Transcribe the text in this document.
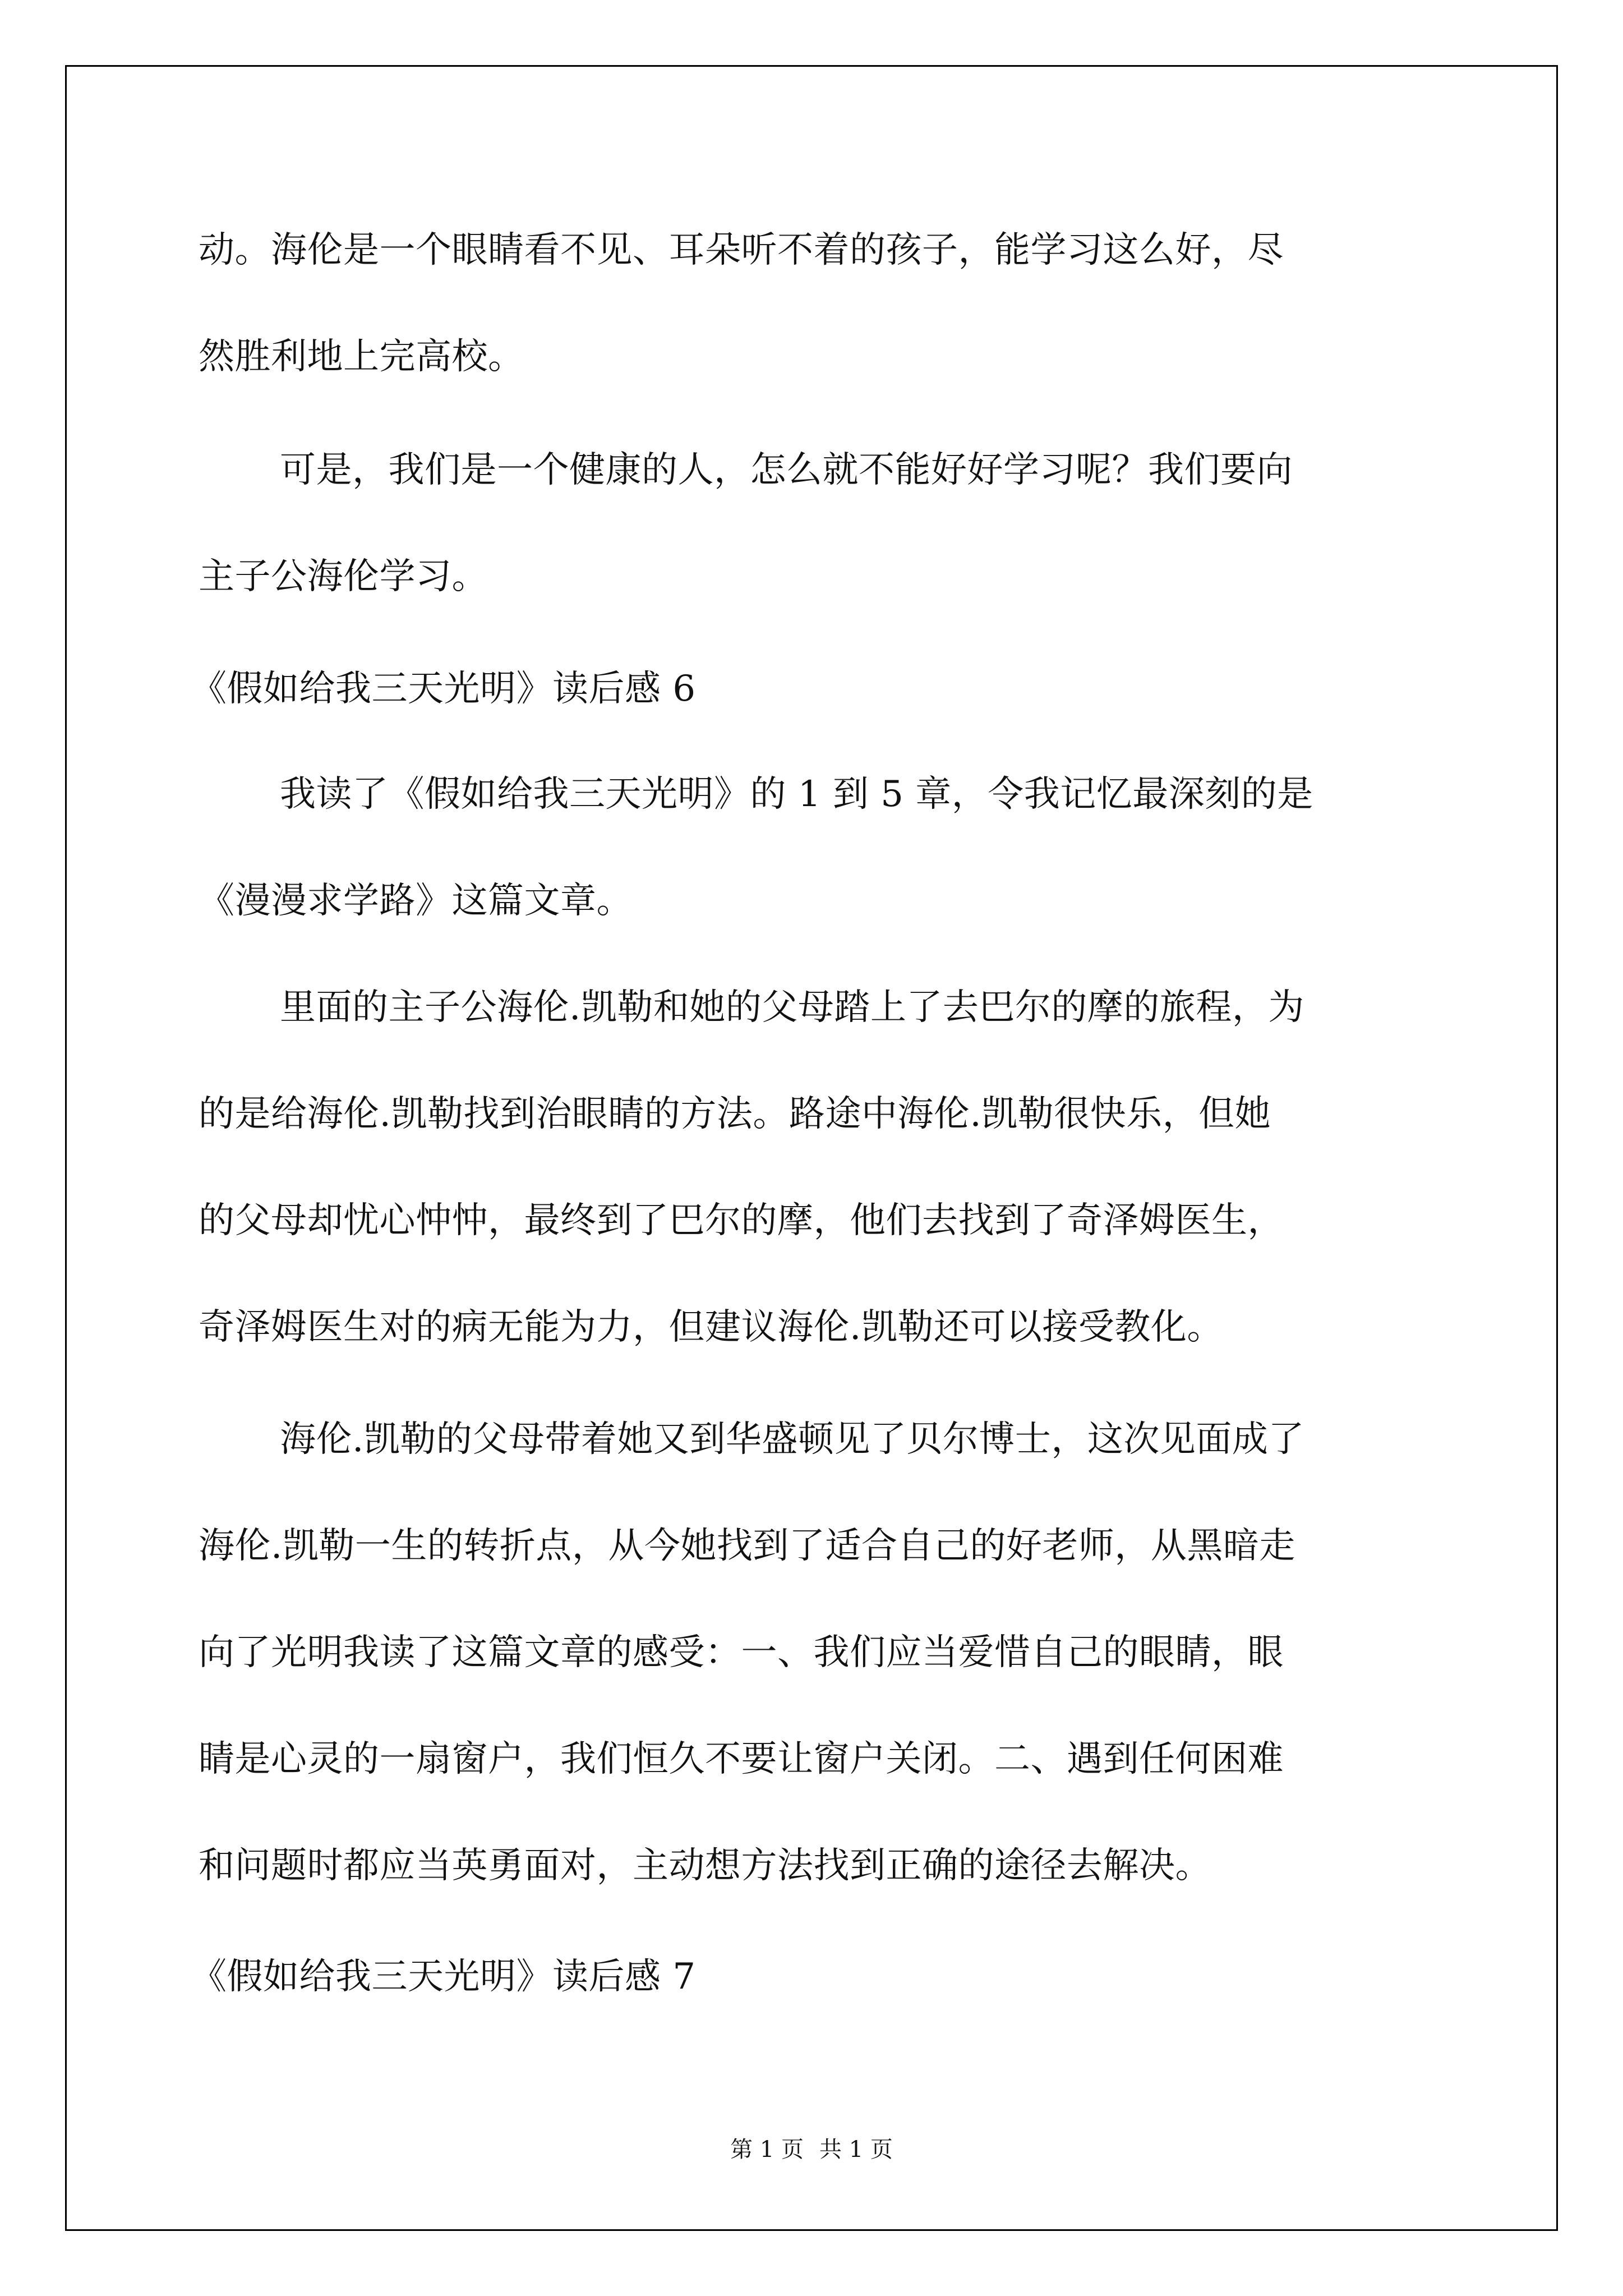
动。海伦是一个眼睛看不见、耳朵听不着的孩子，能学习这么好，尽
然胜利地上完高校。
可是，我们是一个健康的人，怎么就不能好好学习呢？我们要向
主子公海伦学习。
《假如给我三天光明》读后感 6
我读了《假如给我三天光明》的 1 到 5 章，令我记忆最深刻的是
《漫漫求学路》这篇文章。
里面的主子公海伦.凯勒和她的父母踏上了去巴尔的摩的旅程，为
的是给海伦.凯勒找到治眼睛的方法。路途中海伦.凯勒很快乐，但她
的父母却忧心忡忡，最终到了巴尔的摩，他们去找到了奇泽姆医生，
奇泽姆医生对的病无能为力，但建议海伦.凯勒还可以接受教化。
海伦.凯勒的父母带着她又到华盛顿见了贝尔博士，这次见面成了
海伦.凯勒一生的转折点，从今她找到了适合自己的好老师，从黑暗走
向了光明我读了这篇文章的感受：一、我们应当爱惜自己的眼睛，眼
睛是心灵的一扇窗户，我们恒久不要让窗户关闭。二、遇到任何困难
和问题时都应当英勇面对，主动想方法找到正确的途径去解决。
《假如给我三天光明》读后感 7
第 1 页 共 1 页
